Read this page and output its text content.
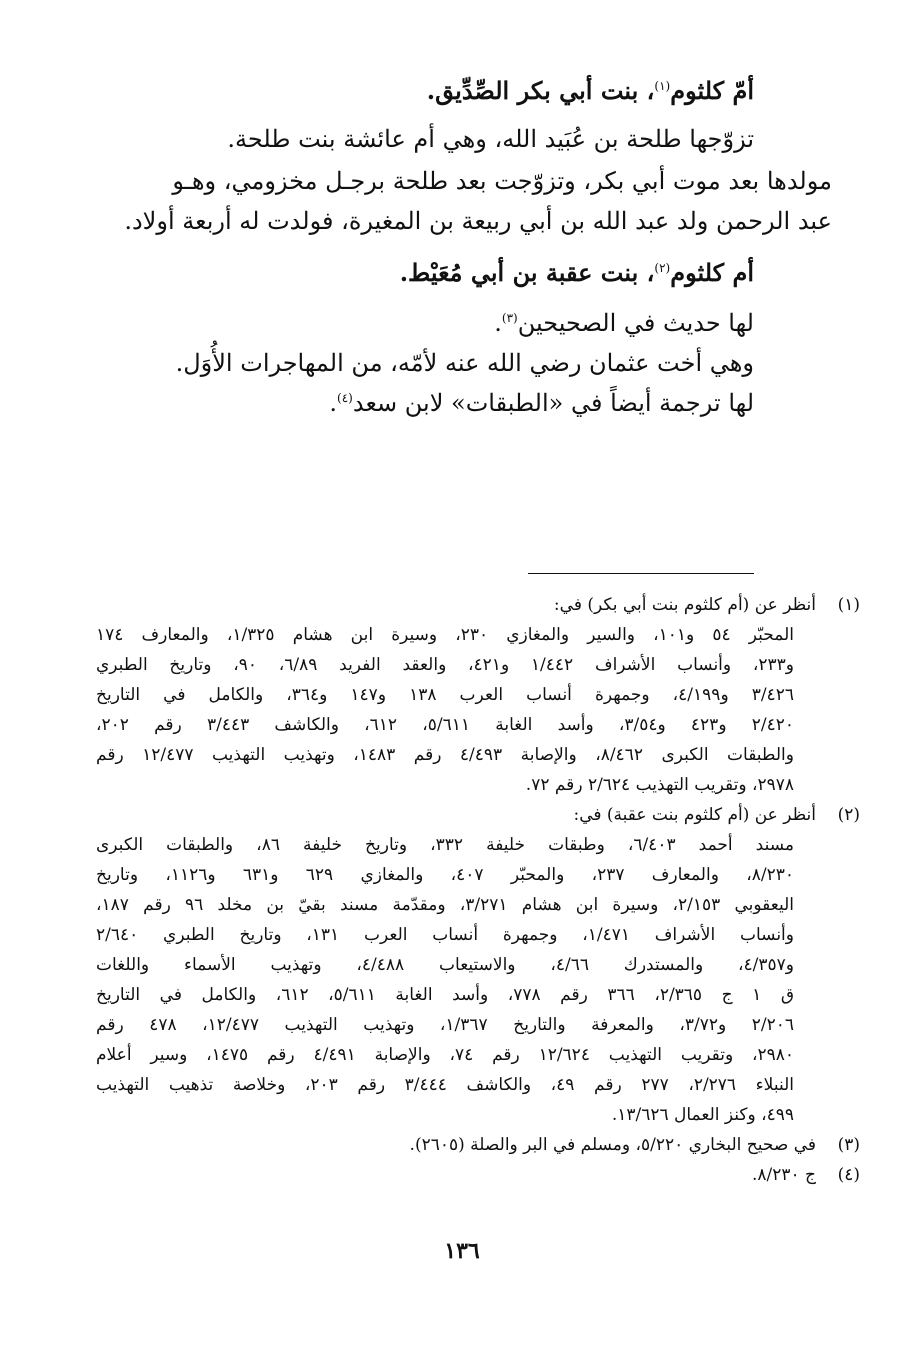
أمّ كلثوم$^{(١)}$، بنت أبي بكر الصِّدِّيق.

تزوّجها طلحة بن عُبَيد الله، وهي أم عائشة بنت طلحة.

مولدها بعد موت أبي بكر، وتزوّجت بعد طلحة برجـل مخزومي، وهـو

عبد الرحمن ولد عبد الله بن أبي ربيعة بن المغيرة، فولدت له أربعة أولاد.

أم كلثوم$^{(٢)}$، بنت عقبة بن أبي مُعَيْط.

لها حديث في الصحيحين$^{(٣)}$.

وهي أخت عثمان رضي الله عنه لأمّه، من المهاجرات الأُوَل.

لها ترجمة أيضاً في «الطبقات» لابن سعد$^{(٤)}$.

(١)
أنظر عن (أم كلثوم بنت أبي بكر) في:
المحبّر ٥٤ و١٠١، والسير والمغازي ٢٣٠، وسيرة ابن هشام ١/٣٢٥، والمعارف ١٧٤
و٢٣٣، وأنساب الأشراف ١/٤٤٢ و٤٢١، والعقد الفريد ٦/٨٩، ٩٠، وتاريخ الطبري
٣/٤٢٦ و٤/١٩٩، وجمهرة أنساب العرب ١٣٨ و١٤٧ و٣٦٤، والكامل في التاريخ
٢/٤٢٠ و٤٢٣ و٣/٥٤، وأسد الغابة ٥/٦١١، ٦١٢، والكاشف ٣/٤٤٣ رقم ٢٠٢،
والطبقات الكبرى ٨/٤٦٢، والإصابة ٤/٤٩٣ رقم ١٤٨٣، وتهذيب التهذيب ١٢/٤٧٧ رقم
٢٩٧٨، وتقريب التهذيب ٢/٦٢٤ رقم ٧٢.
(٢)
أنظر عن (أم كلثوم بنت عقبة) في:
مسند أحمد ٦/٤٠٣، وطبقات خليفة ٣٣٢، وتاريخ خليفة ٨٦، والطبقات الكبرى
٨/٢٣٠، والمعارف ٢٣٧، والمحبّر ٤٠٧، والمغازي ٦٢٩ و٦٣١ و١١٢٦، وتاريخ
اليعقوبي ٢/١٥٣، وسيرة ابن هشام ٣/٢٧١، ومقدّمة مسند بقيّ بن مخلد ٩٦ رقم ١٨٧،
وأنساب الأشراف ١/٤٧١، وجمهرة أنساب العرب ١٣١، وتاريخ الطبري ٢/٦٤٠
و٤/٣٥٧، والمستدرك ٤/٦٦، والاستيعاب ٤/٤٨٨، وتهذيب الأسماء واللغات
ق ١ ج ٢/٣٦٥، ٣٦٦ رقم ٧٧٨، وأسد الغابة ٥/٦١١، ٦١٢، والكامل في التاريخ
٢/٢٠٦ و٣/٧٢، والمعرفة والتاريخ ١/٣٦٧، وتهذيب التهذيب ١٢/٤٧٧، ٤٧٨ رقم
٢٩٨٠، وتقريب التهذيب ١٢/٦٢٤ رقم ٧٤، والإصابة ٤/٤٩١ رقم ١٤٧٥، وسير أعلام
النبلاء ٢/٢٧٦، ٢٧٧ رقم ٤٩، والكاشف ٣/٤٤٤ رقم ٢٠٣، وخلاصة تذهيب التهذيب
٤٩٩، وكنز العمال ١٣/٦٢٦.
(٣)
في صحيح البخاري ٥/٢٢٠، ومسلم في البر والصلة (٢٦٠٥).
(٤)
ج ٨/٢٣٠.
١٣٦
